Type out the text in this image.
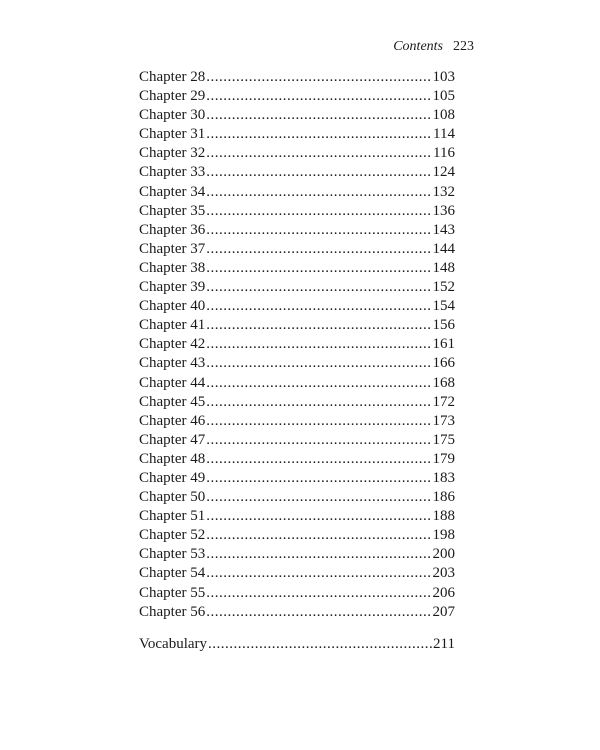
Contents 223
Chapter 28 .....	103
Chapter 29 .....	105
Chapter 30 .....	108
Chapter 31 .....	114
Chapter 32 .....	116
Chapter 33 .....	124
Chapter 34 .....	132
Chapter 35 .....	136
Chapter 36 .....	143
Chapter 37 .....	144
Chapter 38 .....	148
Chapter 39 .....	152
Chapter 40 .....	154
Chapter 41 .....	156
Chapter 42 .....	161
Chapter 43 .....	166
Chapter 44 .....	168
Chapter 45 .....	172
Chapter 46 .....	173
Chapter 47 .....	175
Chapter 48 .....	179
Chapter 49 .....	183
Chapter 50 .....	186
Chapter 51 .....	188
Chapter 52 .....	198
Chapter 53 .....	200
Chapter 54 .....	203
Chapter 55 .....	206
Chapter 56 .....	207
Vocabulary .....	211
